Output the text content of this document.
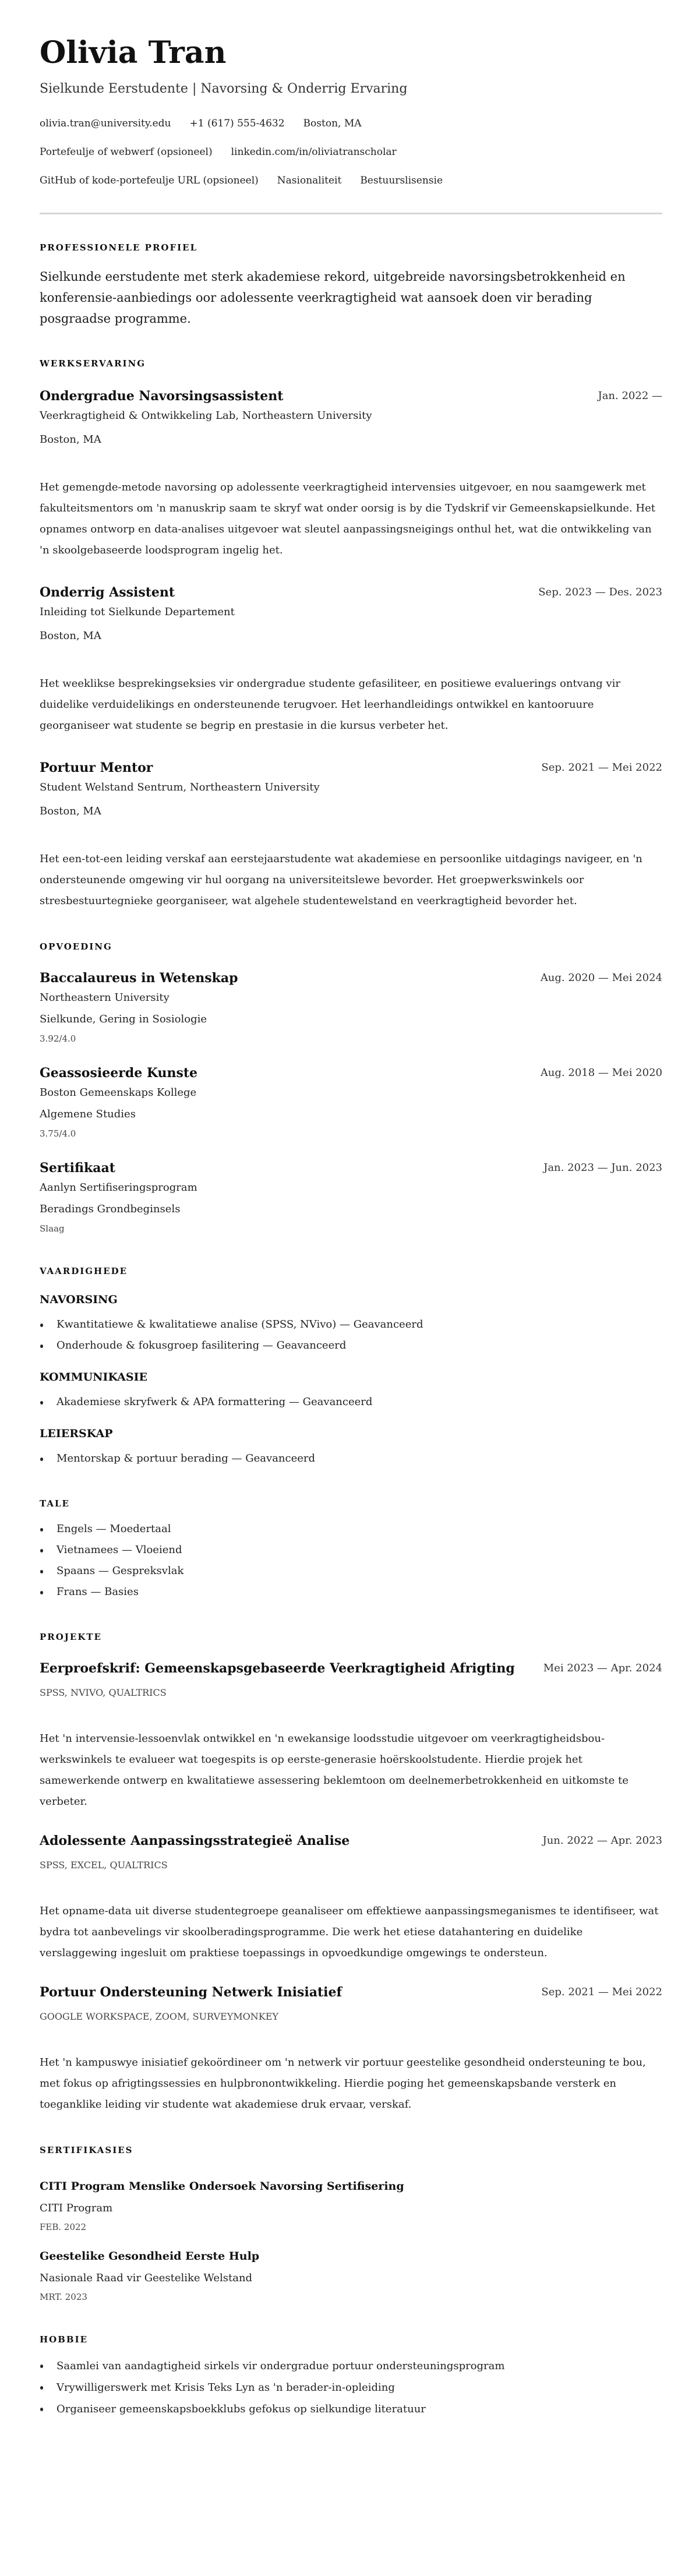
Olivia Tran
Sielkunde Eerstudente | Navorsing & Onderrig Ervaring
olivia.tran@university.edu +1 (617) 555-4632 Boston, MA
Portefeulje of webwerf (opsioneel) linkedin.com/in/oliviatranscholar
GitHub of kode-portefeulje URL (opsioneel) Nasionaliteit Bestuurslisensie
PROFESSIONELE PROFIEL

Sielkunde eerstudente met sterk akademiese rekord, uitgebreide navorsingsbetrokkenheid en konferensie-aanbiedings oor adolessente veerkragtigheid wat aansoek doen vir berading posgraadse programme.

WERKSERVARING
Ondergradue Navorsingsassistent	Jan. 2022 —
Veerkragtigheid & Ontwikkeling Lab, Northeastern University
Boston, MA

Het gemengde-metode navorsing op adolessente veerkragtigheid intervensies uitgevoer, en nou saamgewerk met fakulteitsmentors om 'n manuskrip saam te skryf wat onder oorsig is by die Tydskrif vir Gemeenskapsielkunde. Het opnames ontworp en data-analises uitgevoer wat sleutel aanpassingsneigings onthul het, wat die ontwikkeling van 'n skoolgebaseerde loodsprogram ingelig het.

Onderrig Assistent	Sep. 2023 — Des. 2023
Inleiding tot Sielkunde Departement
Boston, MA

Het weeklikse besprekingseksies vir ondergradue studente gefasiliteer, en positiewe evaluerings ontvang vir duidelike verduidelikings en ondersteunende terugvoer. Het leerhandleidings ontwikkel en kantooruure georganiseer wat studente se begrip en prestasie in die kursus verbeter het.

Portuur Mentor	Sep. 2021 — Mei 2022
Student Welstand Sentrum, Northeastern University
Boston, MA

Het een-tot-een leiding verskaf aan eerstejaarstudente wat akademiese en persoonlike uitdagings navigeer, en 'n ondersteunende omgewing vir hul oorgang na universiteitslewe bevorder. Het groepwerkswinkels oor stresbestuurtegnieke georganiseer, wat algehele studentewelstand en veerkragtigheid bevorder het.

OPVOEDING
Baccalaureus in Wetenskap	Aug. 2020 — Mei 2024
Northeastern University
Sielkunde, Gering in Sosiologie
3.92/4.0
Geassosieerde Kunste	Aug. 2018 — Mei 2020
Boston Gemeenskaps Kollege
Algemene Studies
3.75/4.0
Sertifikaat	Jan. 2023 — Jun. 2023
Aanlyn Sertifiseringsprogram
Beradings Grondbeginsels
Slaag
VAARDIGHEDE
NAVORSING
Kwantitatiewe & kwalitatiewe analise (SPSS, NVivo) — Geavanceerd
Onderhoude & fokusgroep fasilitering — Geavanceerd
KOMMUNIKASIE
Akademiese skryfwerk & APA formattering — Geavanceerd
LEIERSKAP
Mentorskap & portuur berading — Geavanceerd
TALE
Engels — Moedertaal
Vietnamees — Vloeiend
Spaans — Gespreksvlak
Frans — Basies
PROJEKTE
Eerproefskrif: Gemeenskapsgebaseerde Veerkragtigheid Afrigting	Mei 2023 — Apr. 2024
SPSS, NVIVO, QUALTRICS

Het 'n intervensie-lessoenvlak ontwikkel en 'n ewekansige loodsstudie uitgevoer om veerkragtigheidsbou-werkswinkels te evalueer wat toegespits is op eerste-generasie hoërskoolstudente. Hierdie projek het samewerkende ontwerp en kwalitatiewe assessering beklemtoon om deelnemerbetrokkenheid en uitkomste te verbeter.

Adolessente Aanpassingsstrategieë Analise	Jun. 2022 — Apr. 2023
SPSS, EXCEL, QUALTRICS

Het opname-data uit diverse studentegroepe geanaliseer om effektiewe aanpassingsmeganismes te identifiseer, wat bydra tot aanbevelings vir skoolberadingsprogramme. Die werk het etiese datahantering en duidelike verslaggewing ingesluit om praktiese toepassings in opvoedkundige omgewings te ondersteun.

Portuur Ondersteuning Netwerk Inisiatief	Sep. 2021 — Mei 2022
GOOGLE WORKSPACE, ZOOM, SURVEYMONKEY

Het 'n kampuswye inisiatief gekoördineer om 'n netwerk vir portuur geestelike gesondheid ondersteuning te bou, met fokus op afrigtingssessies en hulpbronontwikkeling. Hierdie poging het gemeenskapsbande versterk en toeganklike leiding vir studente wat akademiese druk ervaar, verskaf.

SERTIFIKASIES
CITI Program Menslike Ondersoek Navorsing Sertifisering
CITI Program
FEB. 2022
Geestelike Gesondheid Eerste Hulp
Nasionale Raad vir Geestelike Welstand
MRT. 2023
HOBBIE
Saamlei van aandagtigheid sirkels vir ondergradue portuur ondersteuningsprogram
Vrywilligerswerk met Krisis Teks Lyn as 'n berader-in-opleiding
Organiseer gemeenskapsboekklubs gefokus op sielkundige literatuur
